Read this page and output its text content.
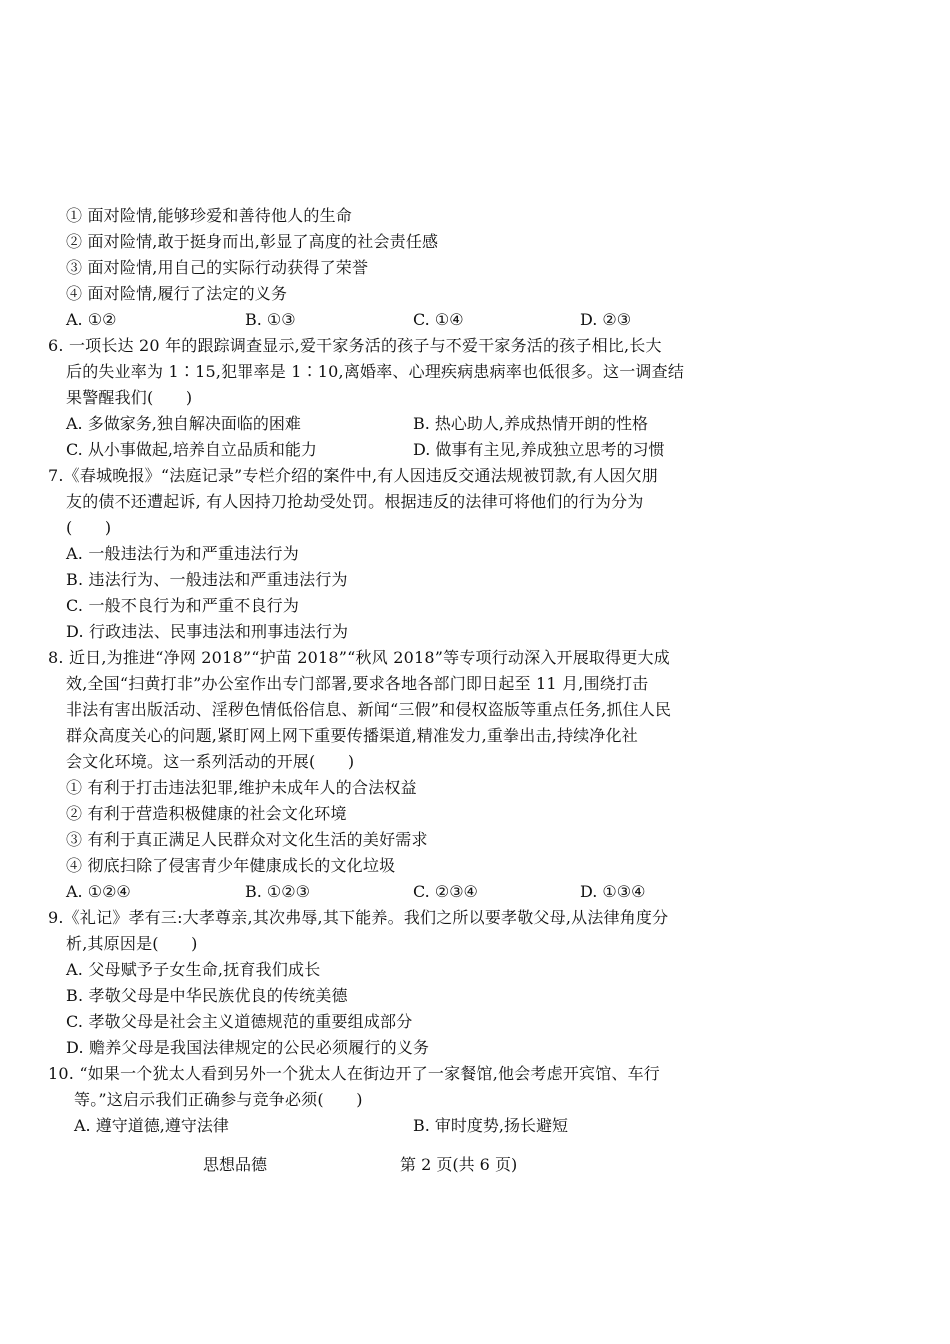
① 面对险情,能够珍爱和善待他人的生命
② 面对险情,敢于挺身而出,彰显了高度的社会责任感
③ 面对险情,用自己的实际行动获得了荣誉
④ 面对险情,履行了法定的义务
A. ①②	B. ①③	C. ①④	D. ②③
6. 一项长达 20 年的跟踪调查显示,爱干家务活的孩子与不爱干家务活的孩子相比,长大
后的失业率为 1∶15,犯罪率是 1∶10,离婚率、心理疾病患病率也低很多。这一调查结
果警醒我们(　　)
A. 多做家务,独自解决面临的困难	B. 热心助人,养成热情开朗的性格
C. 从小事做起,培养自立品质和能力	D. 做事有主见,养成独立思考的习惯
7.《春城晚报》“法庭记录”专栏介绍的案件中,有人因违反交通法规被罚款,有人因欠朋
友的债不还遭起诉, 有人因持刀抢劫受处罚。根据违反的法律可将他们的行为分为
(　　)
A. 一般违法行为和严重违法行为
B. 违法行为、一般违法和严重违法行为
C. 一般不良行为和严重不良行为
D. 行政违法、民事违法和刑事违法行为
8. 近日,为推进“净网 2018”“护苗 2018”“秋风 2018”等专项行动深入开展取得更大成
效,全国“扫黄打非”办公室作出专门部署,要求各地各部门即日起至 11 月,围绕打击
非法有害出版活动、淫秽色情低俗信息、新闻“三假”和侵权盗版等重点任务,抓住人民
群众高度关心的问题,紧盯网上网下重要传播渠道,精准发力,重拳出击,持续净化社
会文化环境。这一系列活动的开展(　　)
① 有利于打击违法犯罪,维护未成年人的合法权益
② 有利于营造积极健康的社会文化环境
③ 有利于真正满足人民群众对文化生活的美好需求
④ 彻底扫除了侵害青少年健康成长的文化垃圾
A. ①②④	B. ①②③	C. ②③④	D. ①③④
9.《礼记》孝有三:大孝尊亲,其次弗辱,其下能养。我们之所以要孝敬父母,从法律角度分
析,其原因是(　　)
A. 父母赋予子女生命,抚育我们成长
B. 孝敬父母是中华民族优良的传统美德
C. 孝敬父母是社会主义道德规范的重要组成部分
D. 赡养父母是我国法律规定的公民必须履行的义务
10. “如果一个犹太人看到另外一个犹太人在街边开了一家餐馆,他会考虑开宾馆、车行
等。”这启示我们正确参与竞争必须(　　)
A. 遵守道德,遵守法律	B. 审时度势,扬长避短
思想品德	第 2 页(共 6 页)
